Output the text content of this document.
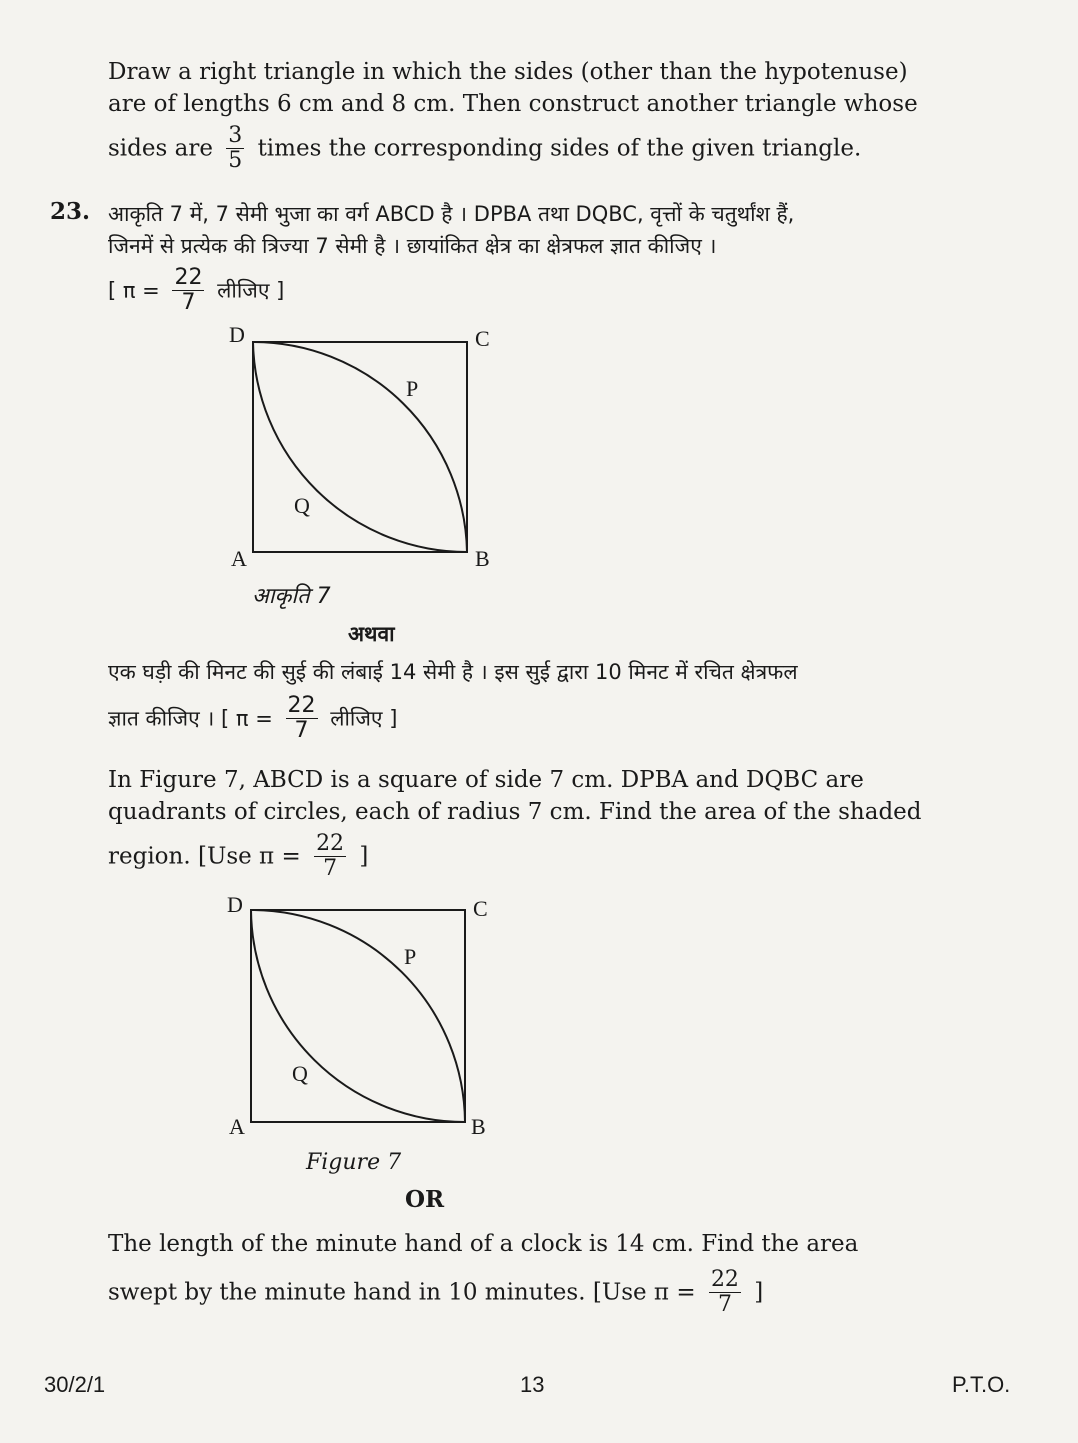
Draw a right triangle in which the sides (other than the hypotenuse)
are of lengths 6 cm and 8 cm. Then construct another triangle whose
sides are $\frac{3}{5}$ times the corresponding sides of the given triangle.
23. आकृति 7 में, 7 सेमी भुजा का वर्ग ABCD है । DPBA तथा DQBC, वृत्तों के चतुर्थांश हैं,
जिनमें से प्रत्येक की त्रिज्या 7 सेमी है । छायांकित क्षेत्र का क्षेत्रफल ज्ञात कीजिए ।
[ $\pi = \frac{22}{7}$ लीजिए ]
D	C
P
Q
A	B
आकृति 7
अथवा
एक घड़ी की मिनट की सुई की लंबाई 14 सेमी है । इस सुई द्वारा 10 मिनट में रचित क्षेत्रफल
ज्ञात कीजिए । [ $\pi = \frac{22}{7}$ लीजिए ]
In Figure 7, ABCD is a square of side 7 cm. DPBA and DQBC are
quadrants of circles, each of radius 7 cm. Find the area of the shaded
region. [Use $\pi = \frac{22}{7}$ ]
D	C
P
Q
A	B
Figure 7
OR
The length of the minute hand of a clock is 14 cm. Find the area
swept by the minute hand in 10 minutes. [Use $\pi = \frac{22}{7}$ ]
30/2/1	13	P.T.O.
